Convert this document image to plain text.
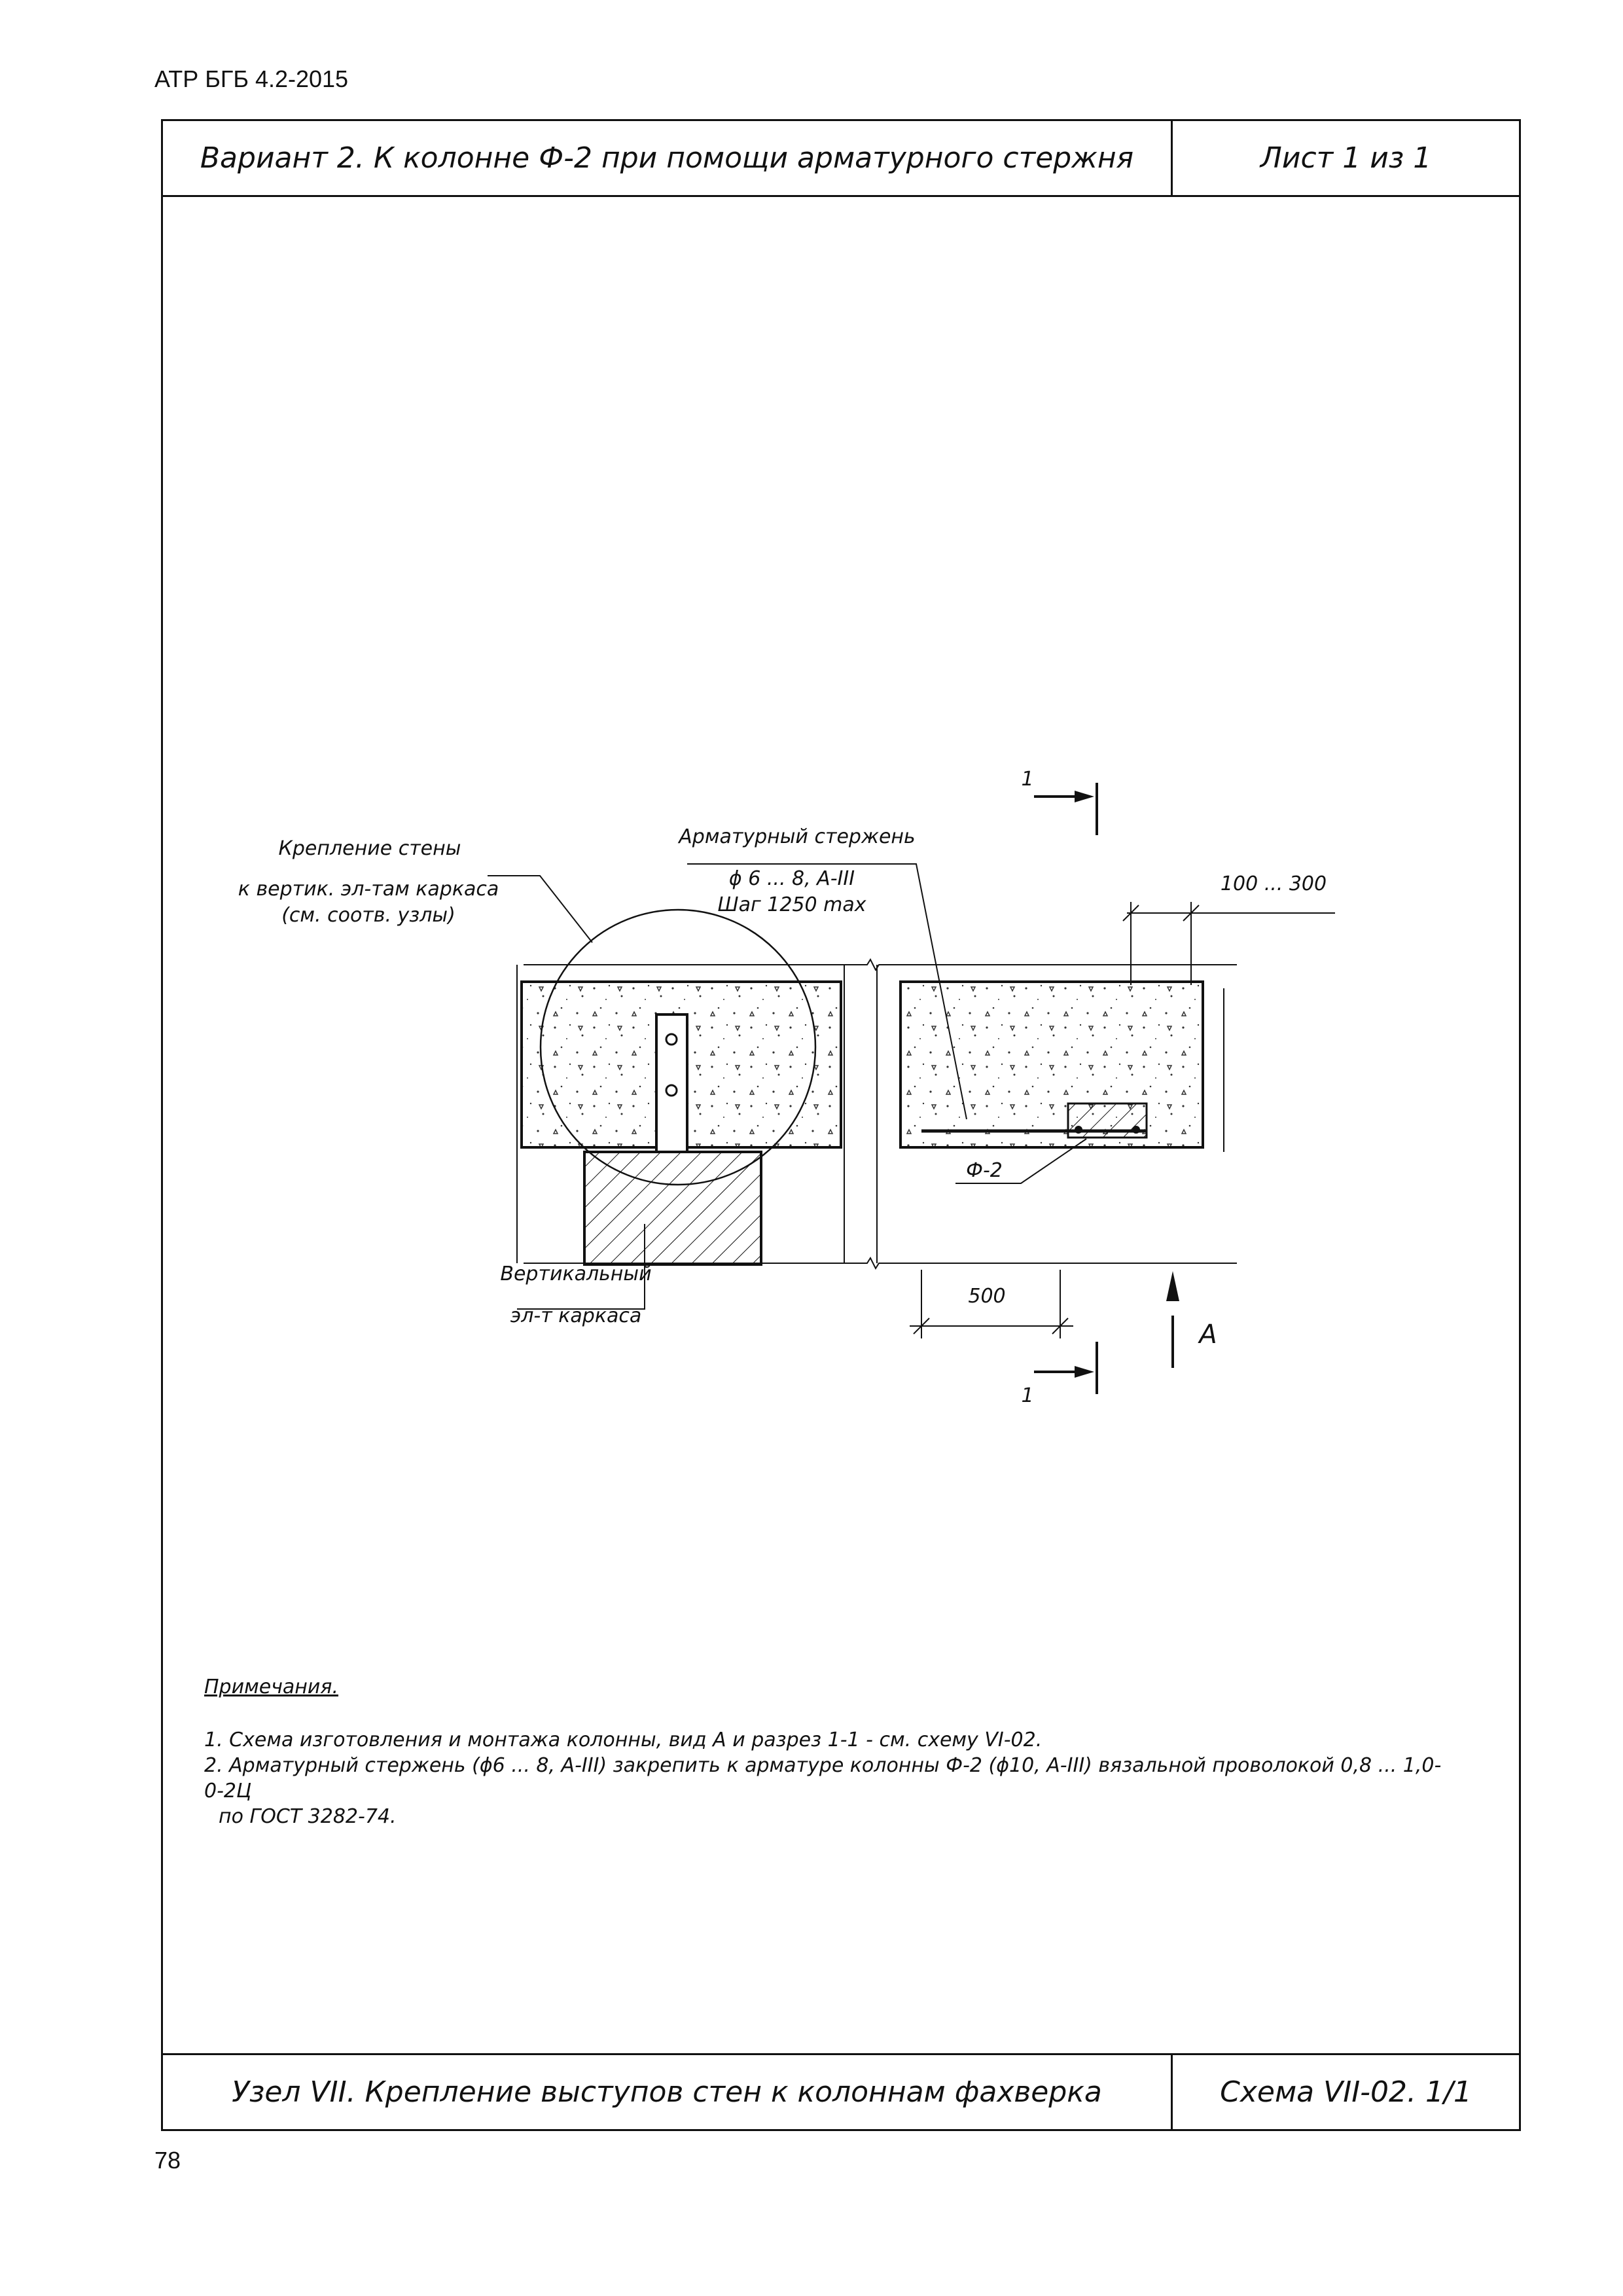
АТР БГБ 4.2-2015
Вариант 2. К колонне Ф-2 при помощи арматурного стержня	Лист 1 из 1
Узел VII. Крепление выступов стен к колоннам фахверка	Схема VII-02. 1/1
Крепление стены
к вертик. эл-там каркаса
(см. соотв. узлы)
Арматурный стержень
ϕ 6 ... 8, A-III
Шаг 1250 max
100 ... 300
Ф-2
Вертикальный
эл-т каркаса
500
А
1
1
Примечания.

1. Схема изготовления и монтажа колонны, вид А и разрез 1-1 - см. схему VI-02.

2. Арматурный стержень (ϕ6 ... 8, A-III) закрепить к арматуре колонны Ф-2 (ϕ10, A-III) вязальной проволокой 0,8 ... 1,0-0-2Ц

по ГОСТ 3282-74.

78
